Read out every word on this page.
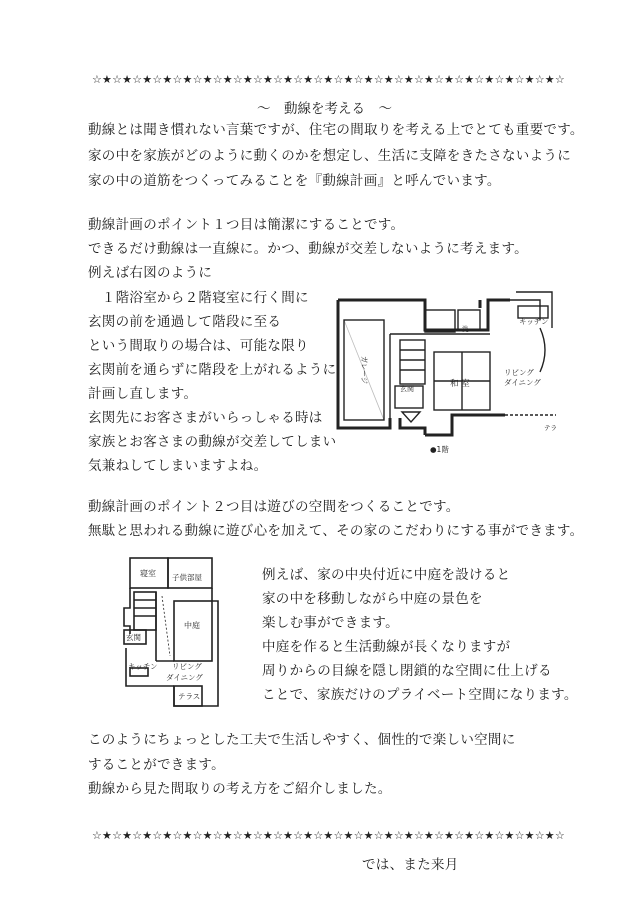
☆★☆★☆★☆★☆★☆★☆★☆★☆★☆★☆★☆★☆★☆★☆★☆★☆★☆★☆★☆★☆★☆★☆★☆
～　動線を考える　～
動線とは聞き慣れない言葉ですが、住宅の間取りを考える上でとても重要です。
家の中を家族がどのように動くのかを想定し、生活に支障をきたさないように
家の中の道筋をつくってみることを『動線計画』と呼んでいます。
動線計画のポイント１つ目は簡潔にすることです。
できるだけ動線は一直線に。かつ、動線が交差しないように考えます。
例えば右図のように
　１階浴室から２階寝室に行く間に
玄関の前を通過して階段に至る
という間取りの場合は、可能な限り
玄関前を通らずに階段を上がれるように
計画し直します。
玄関先にお客さまがいらっしゃる時は
家族とお客さまの動線が交差してしまい
気兼ねしてしまいますよね。
キッチン
ガレージ
玄関	和 室
リビング
ダイニング
洗
テラ
●1階
動線計画のポイント２つ目は遊びの空間をつくることです。
無駄と思われる動線に遊び心を加えて、その家のこだわりにする事ができます。
寝室 子供部屋
中庭
玄関
キッチン リビング
ダイニング
テラス
例えば、家の中央付近に中庭を設けると
家の中を移動しながら中庭の景色を
楽しむ事ができます。
中庭を作ると生活動線が長くなりますが
周りからの目線を隠し閉鎖的な空間に仕上げる
ことで、家族だけのプライベート空間になります。
このようにちょっとした工夫で生活しやすく、個性的で楽しい空間に
することができます。
動線から見た間取りの考え方をご紹介しました。
☆★☆★☆★☆★☆★☆★☆★☆★☆★☆★☆★☆★☆★☆★☆★☆★☆★☆★☆★☆★☆★☆★☆★☆
では、また来月
